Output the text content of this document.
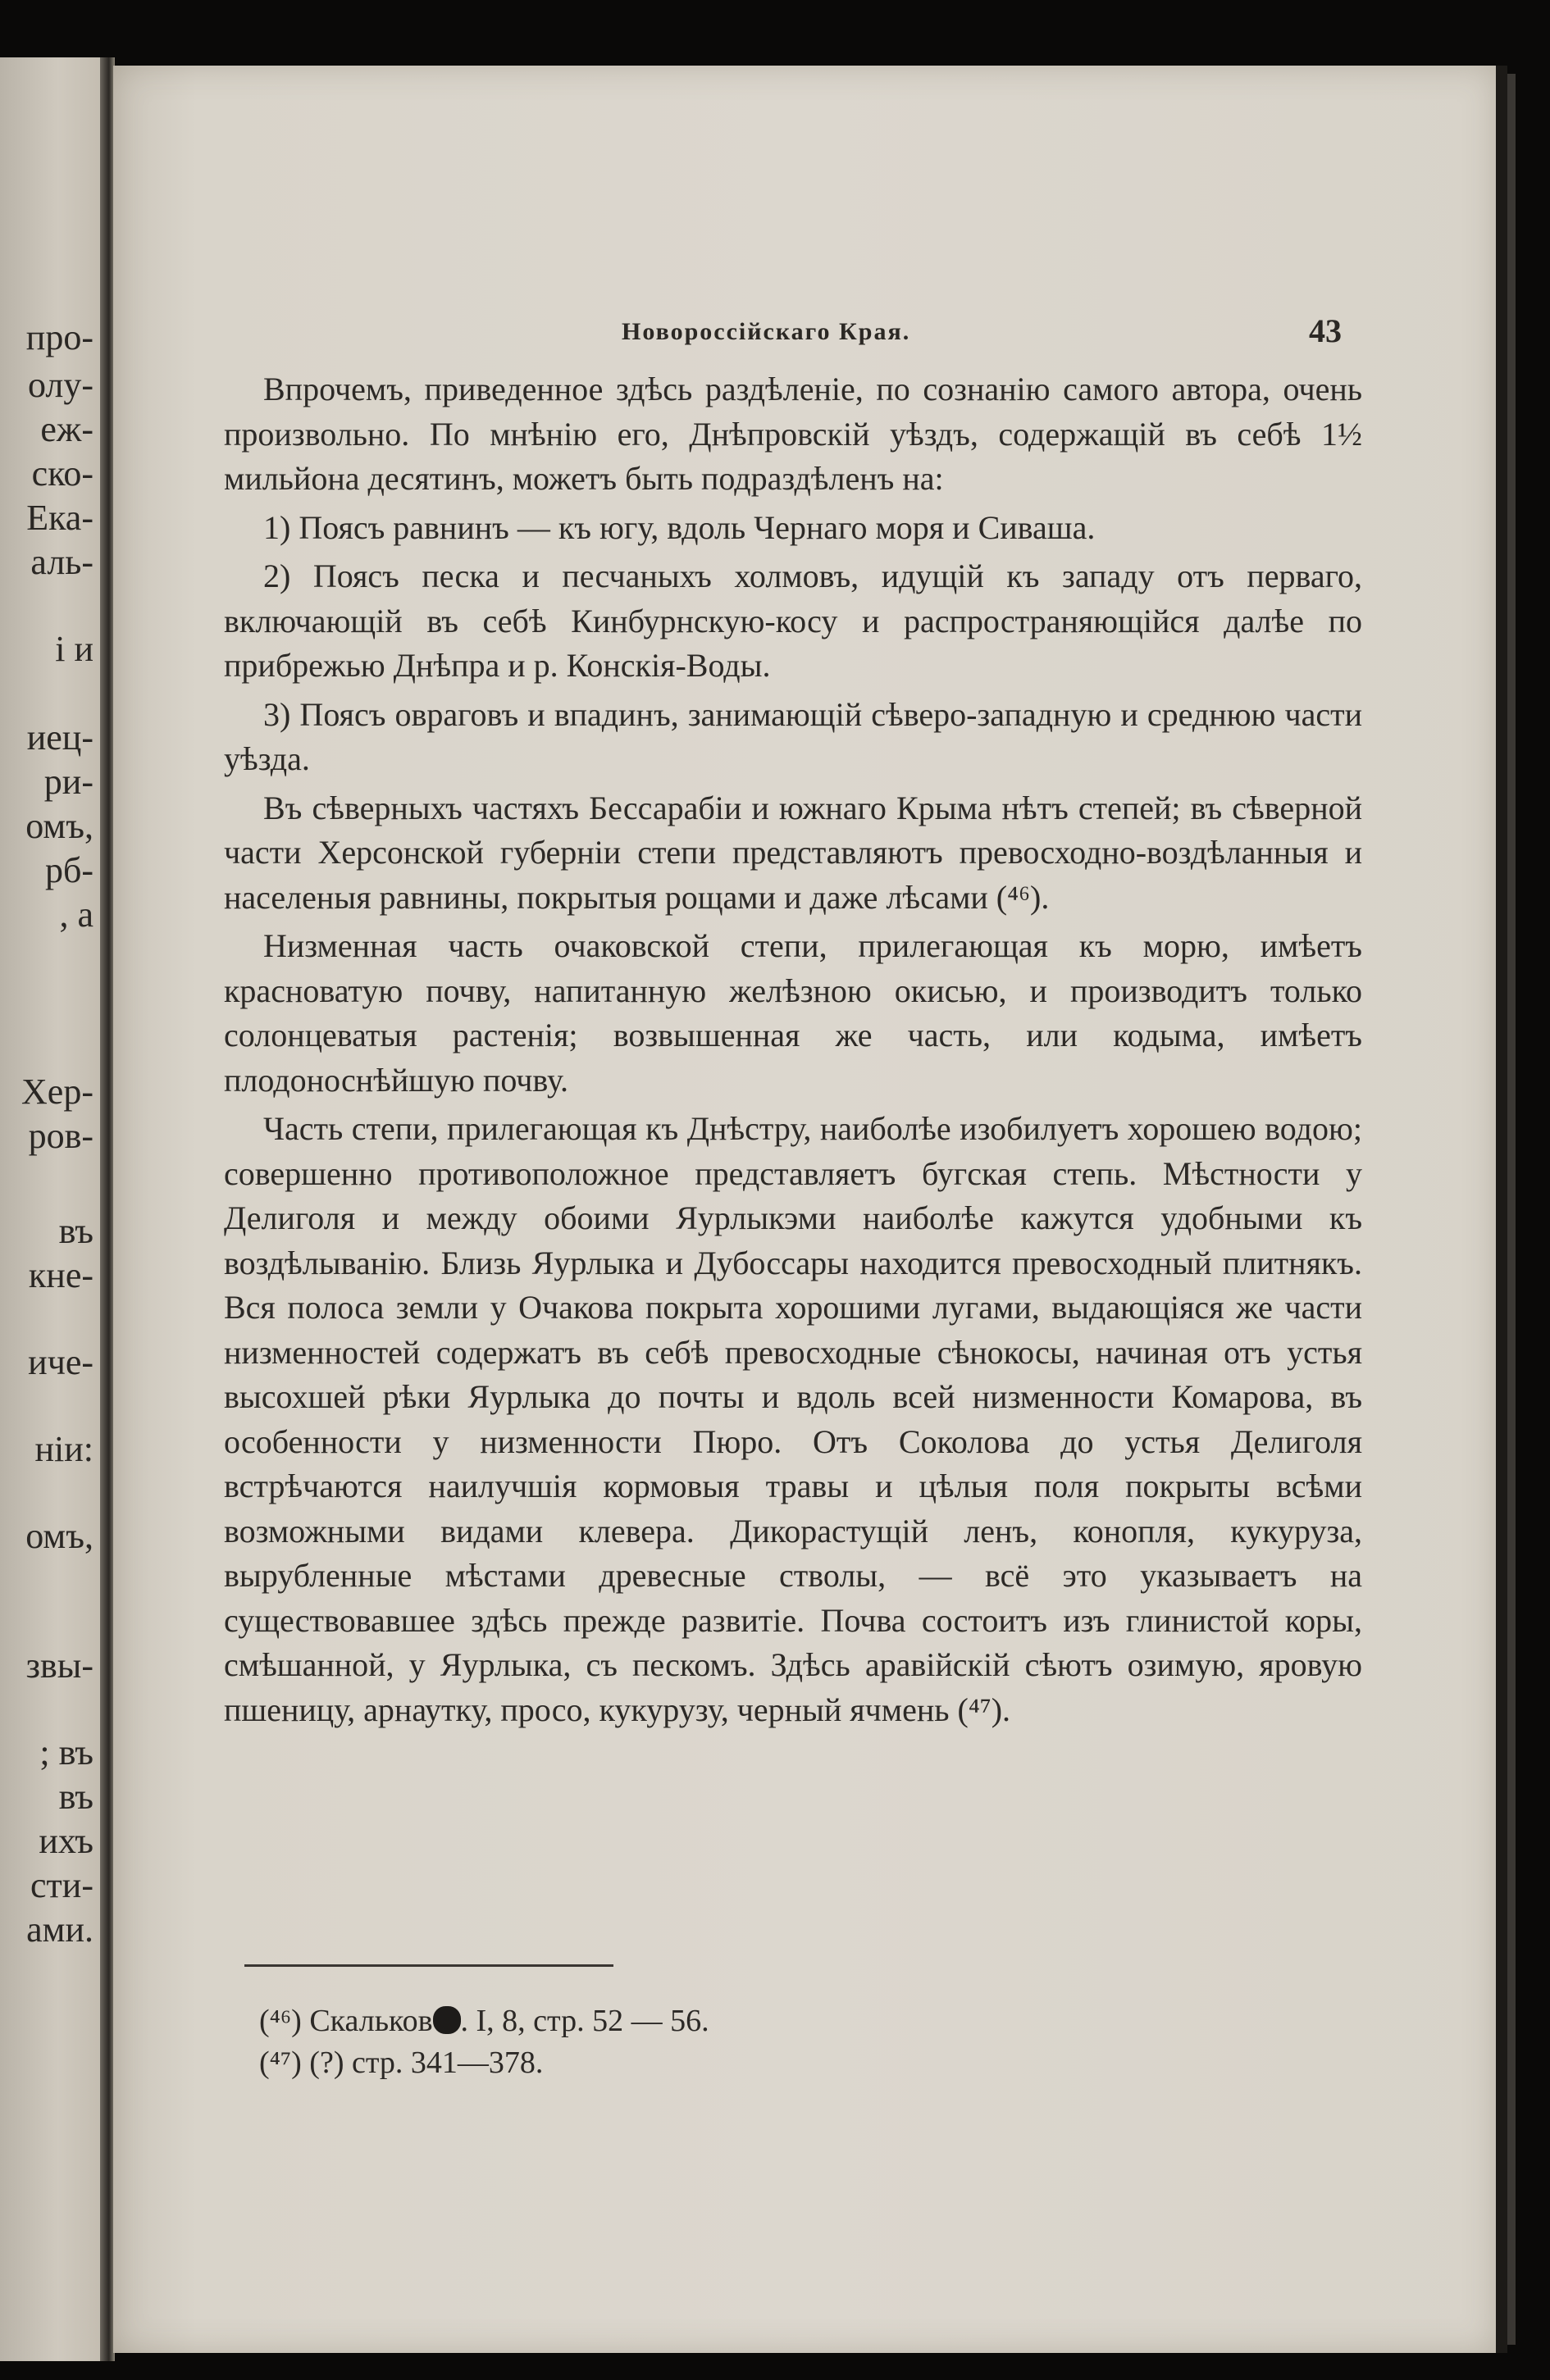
про-
олу-
еж-
ско-
Ека-
аль-
і и
иец-
ри-
омъ,
рб-
, а
Хер-
ров-
въ
кне-
иче-
ніи:
омъ,
звы-
; въ
въ
ихъ
сти-
ами.
Новороссійскаго Края.	43

Впрочемъ, приведенное здѣсь раздѣленіе, по сознанію самого автора, очень произвольно. По мнѣнію его, Днѣпровскій уѣздъ, содержащій въ себѣ 1½ мильйона десятинъ, можетъ быть подраздѣленъ на:

1) Поясъ равнинъ — къ югу, вдоль Чернаго моря и Сиваша.

2) Поясъ песка и песчаныхъ холмовъ, идущій къ западу отъ перваго, включающій въ себѣ Кинбурнскую-косу и распространяющійся далѣе по прибрежью Днѣпра и р. Конскія-Воды.

3) Поясъ овраговъ и впадинъ, занимающій сѣверо-западную и среднюю части уѣзда.

Въ сѣверныхъ частяхъ Бессарабіи и южнаго Крыма нѣтъ степей; въ сѣверной части Херсонской губерніи степи представляютъ превосходно-воздѣланныя и населеныя равнины, покрытыя рощами и даже лѣсами (⁴⁶).

Низменная часть очаковской степи, прилегающая къ морю, имѣетъ красноватую почву, напитанную желѣзною окисью, и производитъ только солонцеватыя растенія; возвышенная же часть, или кодыма, имѣетъ плодоноснѣйшую почву.

Часть степи, прилегающая къ Днѣстру, наиболѣе изобилуетъ хорошею водою; совершенно противоположное представляетъ бугская степь. Мѣстности у Делиголя и между обоими Яурлыкэми наиболѣе кажутся удобными къ воздѣлыванію. Близь Яурлыка и Дубоссары находится превосходный плитнякъ. Вся полоса земли у Очакова покрыта хорошими лугами, выдающіяся же части низменностей содержатъ въ себѣ превосходные сѣнокосы, начиная отъ устья высохшей рѣки Яурлыка до почты и вдоль всей низменности Комарова, въ особенности у низменности Пюро. Отъ Соколова до устья Делиголя встрѣчаются наилучшія кормовыя травы и цѣлыя поля покрыты всѣми возможными видами клевера. Дикорастущій ленъ, конопля, кукуруза, вырубленные мѣстами древесные стволы, — всё это указываетъ на существовавшее здѣсь прежде развитіе. Почва состоитъ изъ глинистой коры, смѣшанной, у Яурлыка, съ пескомъ. Здѣсь аравійскій сѣютъ озимую, яровую пшеницу, арнаутку, просо, кукурузу, черный ячмень (⁴⁷).

(⁴⁶) Скальков . I, 8, стр. 52 — 56.
(⁴⁷) (?) стр. 341—378.
